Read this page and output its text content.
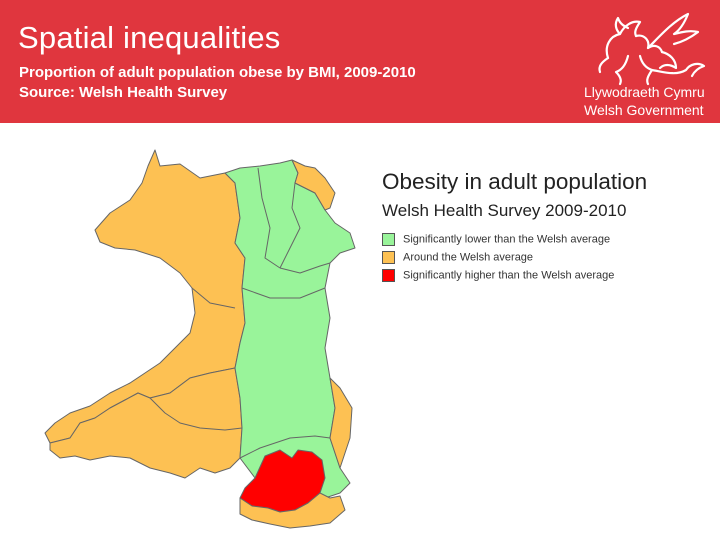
Spatial inequalities
Proportion of adult population obese by BMI, 2009-2010
Source: Welsh Health Survey	Llywodraeth Cymru
Welsh Government
Obesity in adult population
Welsh Health Survey 2009-2010
Significantly lower than the Welsh average
Around the Welsh average
Significantly higher than the Welsh average
